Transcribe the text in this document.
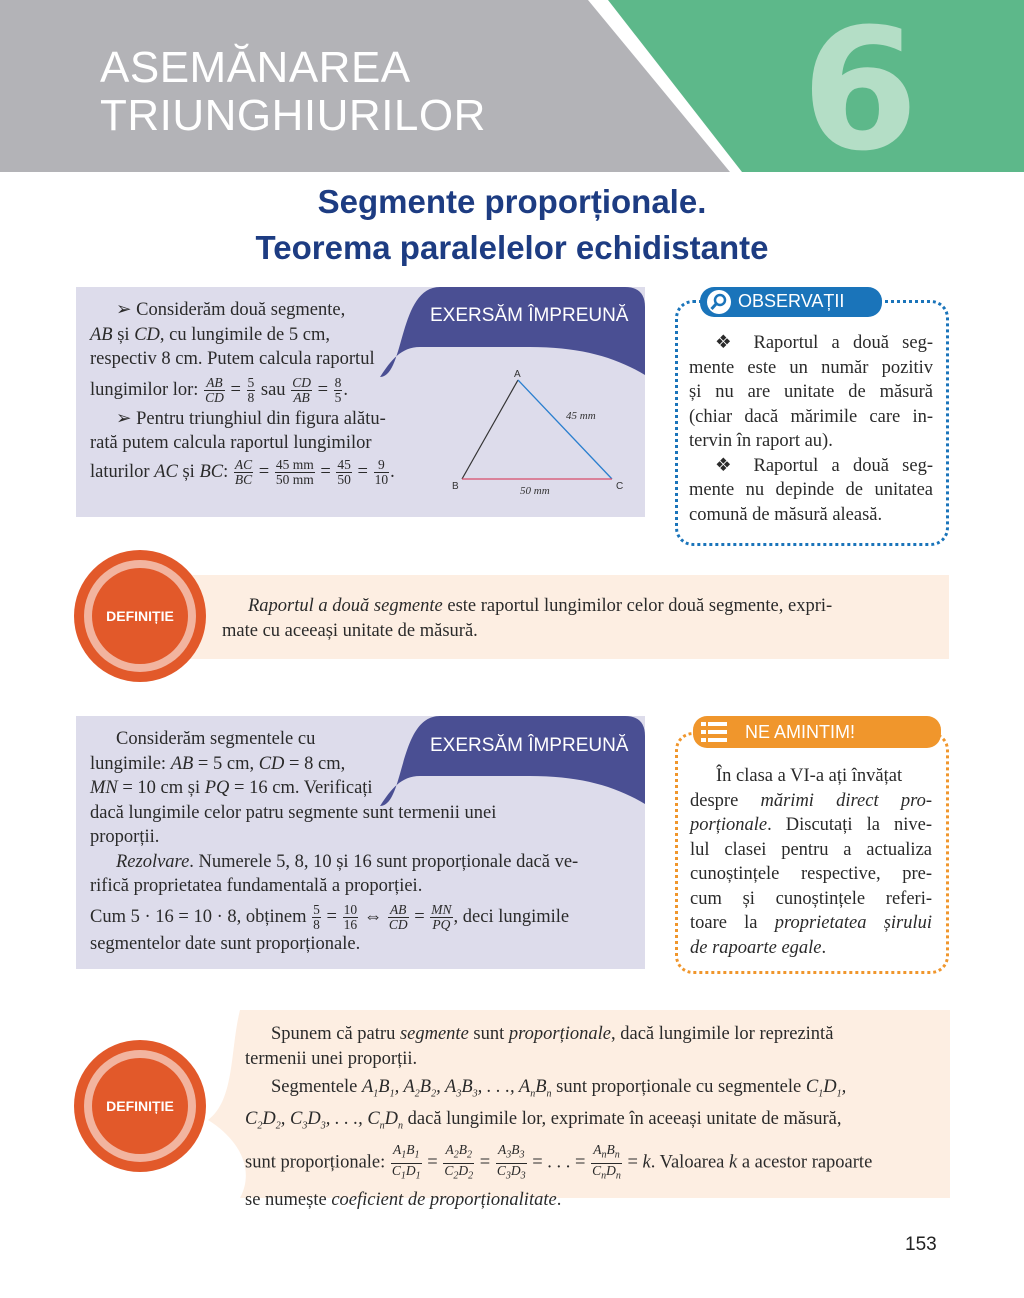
ASEMĂNAREA
TRIUNGHIURILOR 6
Segmente proporționale.
Teorema paralelelor echidistante
EXERSĂM ÎMPREUNĂ

➢ Considerăm două segmente,

AB și CD, cu lungimile de 5 cm,

respectiv 8 cm. Putem calcula raportul

lungimilor lor: $\frac{AB}{CD} = \frac{5}{8}$ sau $\frac{CD}{AB} = \frac{8}{5}$ .

➢ Pentru triunghiul din figura alătu-

rată putem calcula raportul lungimilor

laturilor AC și BC: $\frac{AC}{BC} = \frac{45 mm}{50 mm} = \frac{45}{50} = \frac{9}{10}$ .

A
B	C
45 mm
50 mm
OBSERVAȚII

❖ Raportul a două seg-

mente este un număr pozitiv

și nu are unitate de măsură

(chiar dacă mărimile care in-

tervin în raport au).

❖ Raportul a două seg-

mente nu depinde de unitatea

comună de măsură aleasă.

DEFINIȚIE	Raportul a două segmente este raportul lungimilor celor două segmente, expri-

mate cu aceeași unitate de măsură.

EXERSĂM ÎMPREUNĂ

Considerăm segmentele cu

lungimile: AB = 5 cm, CD = 8 cm,

MN = 10 cm și PQ = 16 cm. Verificați

dacă lungimile celor patru segmente sunt termenii unei

proporții.

Rezolvare. Numerele 5, 8, 10 și 16 sunt proporționale dacă ve-

rifică proprietatea fundamentală a proporției.

Cum 5 · 16 = 10 · 8, obținem $\frac{5}{8} = \frac{10}{16}$ ⇔ $\frac{AB}{CD} = \frac{MN}{PQ}$ , deci lungimile

segmentelor date sunt proporționale.

NE AMINTIM!

În clasa a VI-a ați învățat

despre mărimi direct pro-

porționale. Discutați la nive-

lul clasei pentru a actualiza

cunoștințele respective, pre-

cum și cunoștințele referi-

toare la proprietatea șirului

de rapoarte egale.

DEFINIȚIE

Spunem că patru segmente sunt proporționale, dacă lungimile lor reprezintă

termenii unei proporții.

Segmentele $A_1B_1$, $A_2B_2$, $A_3B_3$, . . ., $A_nB_n$ sunt proporționale cu segmentele $C_1D_1$,

$C_2D_2$, $C_3D_3$, . . ., $C_nD_n$ dacă lungimile lor, exprimate în aceeași unitate de măsură,

sunt proporționale: $\frac{A_1B_1}{C_1D_1} = \frac{A_2B_2}{C_2D_2} = \frac{A_3B_3}{C_3D_3}$ = . . . = $\frac{A_nB_n}{C_nD_n} = k$. Valoarea k a acestor rapoarte

se numește coeficient de proporționalitate.

153
